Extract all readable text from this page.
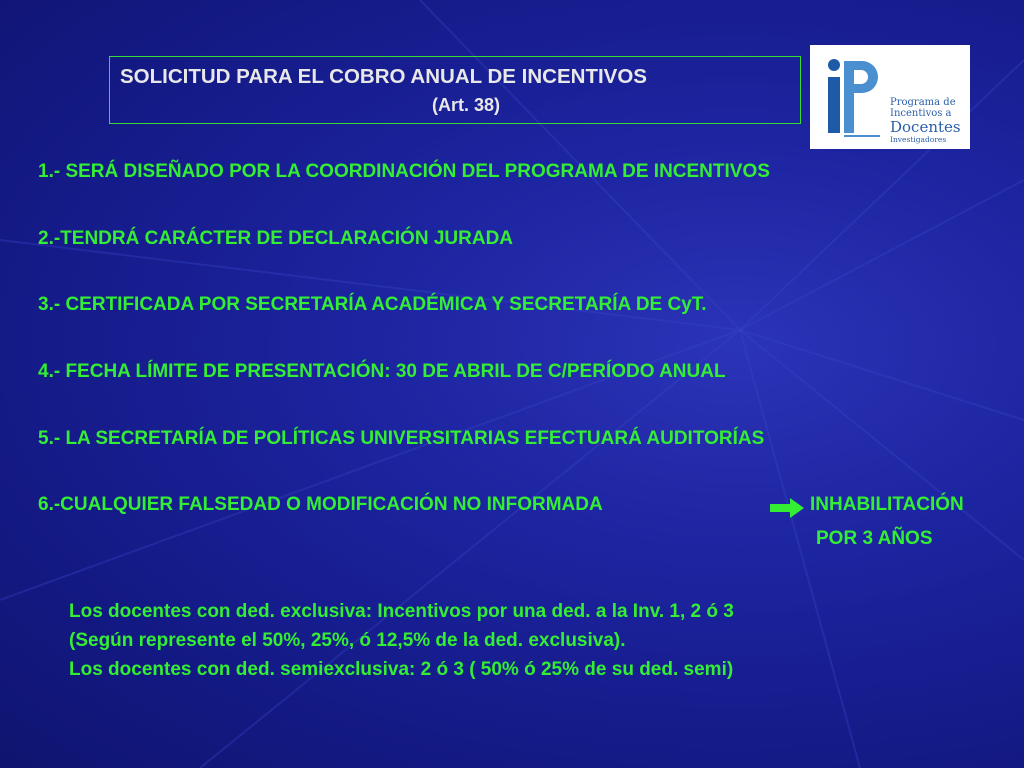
SOLICITUD PARA EL COBRO ANUAL DE INCENTIVOS
(Art. 38)	Programa de
Incentivos a
Docentes
Investigadores
1.- SERÁ DISEÑADO POR LA COORDINACIÓN DEL PROGRAMA DE INCENTIVOS
2.-TENDRÁ CARÁCTER DE DECLARACIÓN JURADA
3.- CERTIFICADA POR SECRETARÍA ACADÉMICA Y SECRETARÍA DE CyT.
4.- FECHA LÍMITE DE PRESENTACIÓN: 30 DE ABRIL DE C/PERÍODO ANUAL
5.- LA SECRETARÍA DE POLÍTICAS UNIVERSITARIAS EFECTUARÁ AUDITORÍAS
6.-CUALQUIER FALSEDAD O MODIFICACIÓN NO INFORMADA	INHABILITACIÓN
POR 3 AÑOS
Los docentes con ded. exclusiva: Incentivos por una ded. a la Inv. 1, 2 ó 3
(Según represente el 50%, 25%, ó 12,5% de la ded. exclusiva).
Los docentes con ded. semiexclusiva: 2 ó 3 ( 50% ó 25% de su ded. semi)
